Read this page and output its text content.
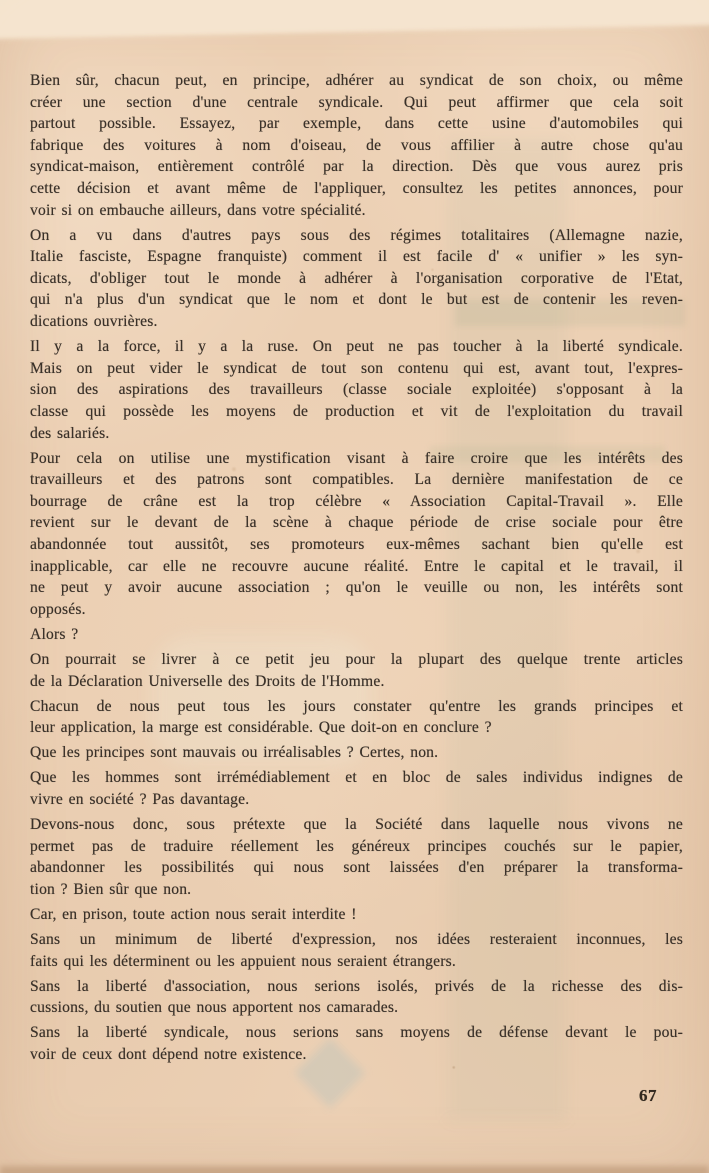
Bien sûr, chacun peut, en principe, adhérer au syndicat de son choix, ou même
créer une section d'une centrale syndicale. Qui peut affirmer que cela soit
partout possible. Essayez, par exemple, dans cette usine d'automobiles qui
fabrique des voitures à nom d'oiseau, de vous affilier à autre chose qu'au
syndicat-maison, entièrement contrôlé par la direction. Dès que vous aurez pris
cette décision et avant même de l'appliquer, consultez les petites annonces, pour
voir si on embauche ailleurs, dans votre spécialité.

On a vu dans d'autres pays sous des régimes totalitaires (Allemagne nazie,
Italie fasciste, Espagne franquiste) comment il est facile d' « unifier » les syn-
dicats, d'obliger tout le monde à adhérer à l'organisation corporative de l'Etat,
qui n'a plus d'un syndicat que le nom et dont le but est de contenir les reven-
dications ouvrières.

Il y a la force, il y a la ruse. On peut ne pas toucher à la liberté syndicale.
Mais on peut vider le syndicat de tout son contenu qui est, avant tout, l'expres-
sion des aspirations des travailleurs (classe sociale exploitée) s'opposant à la
classe qui possède les moyens de production et vit de l'exploitation du travail
des salariés.

Pour cela on utilise une mystification visant à faire croire que les intérêts des
travailleurs et des patrons sont compatibles. La dernière manifestation de ce
bourrage de crâne est la trop célèbre « Association Capital-Travail ». Elle
revient sur le devant de la scène à chaque période de crise sociale pour être
abandonnée tout aussitôt, ses promoteurs eux-mêmes sachant bien qu'elle est
inapplicable, car elle ne recouvre aucune réalité. Entre le capital et le travail, il
ne peut y avoir aucune association ; qu'on le veuille ou non, les intérêts sont
opposés.

Alors ?

On pourrait se livrer à ce petit jeu pour la plupart des quelque trente articles
de la Déclaration Universelle des Droits de l'Homme.

Chacun de nous peut tous les jours constater qu'entre les grands principes et
leur application, la marge est considérable. Que doit-on en conclure ?

Que les principes sont mauvais ou irréalisables ? Certes, non.

Que les hommes sont irrémédiablement et en bloc de sales individus indignes de
vivre en société ? Pas davantage.

Devons-nous donc, sous prétexte que la Société dans laquelle nous vivons ne
permet pas de traduire réellement les généreux principes couchés sur le papier,
abandonner les possibilités qui nous sont laissées d'en préparer la transforma-
tion ? Bien sûr que non.

Car, en prison, toute action nous serait interdite !

Sans un minimum de liberté d'expression, nos idées resteraient inconnues, les
faits qui les déterminent ou les appuient nous seraient étrangers.

Sans la liberté d'association, nous serions isolés, privés de la richesse des dis-
cussions, du soutien que nous apportent nos camarades.

Sans la liberté syndicale, nous serions sans moyens de défense devant le pou-
voir de ceux dont dépend notre existence.

67
